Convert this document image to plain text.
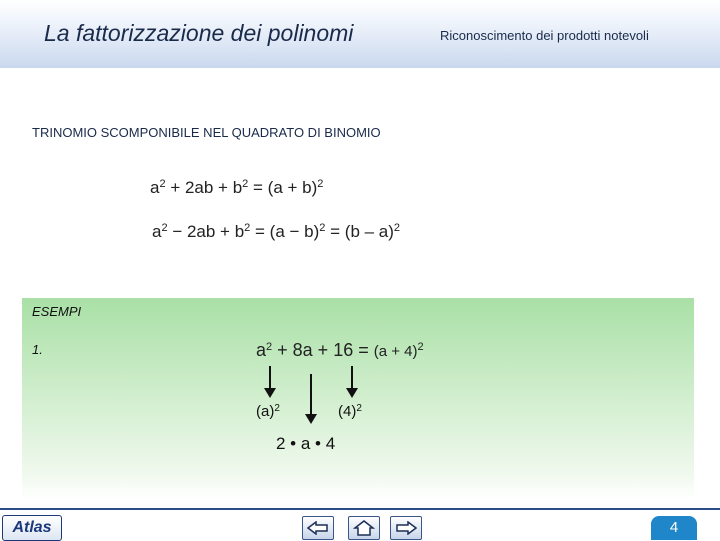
La fattorizzazione dei polinomi	Riconoscimento dei prodotti notevoli
TRINOMIO SCOMPONIBILE NEL QUADRATO DI BINOMIO
$a^2 + 2ab + b^2 = (a + b)^2$
$a^2 - 2ab + b^2 = (a - b)^2 = (b - a)^2$
ESEMPI
1.	$a^2 + 8a + 16 = (a + 4)^2$
$(a)^2$	$(4)^2$
2 • a • 4
Atlas	4
